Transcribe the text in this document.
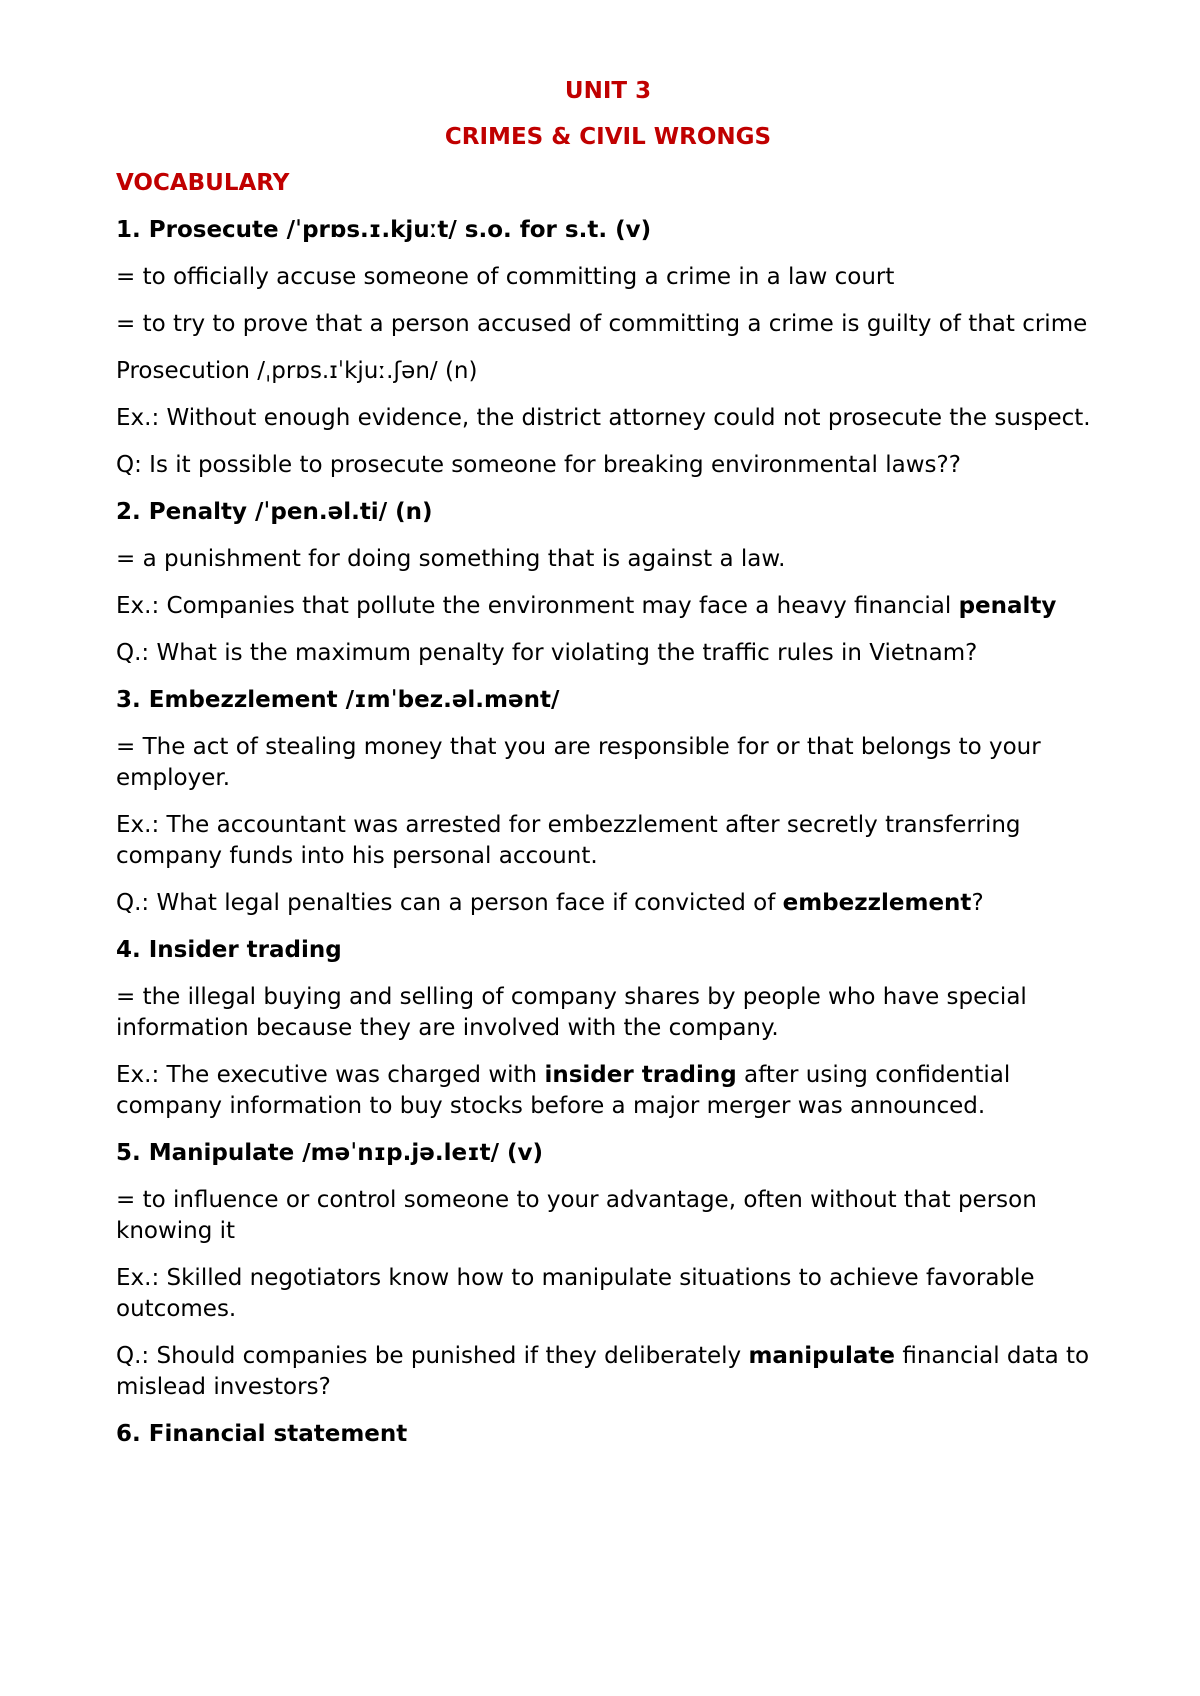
UNIT 3
CRIMES & CIVIL WRONGS
VOCABULARY
1. Prosecute /ˈprɒs.ɪ.kjuːt/ s.o. for s.t. (v)
= to officially accuse someone of committing a crime in a law court
= to try to prove that a person accused of committing a crime is guilty of that crime
Prosecution /ˌprɒs.ɪˈkjuː.ʃən/ (n)
Ex.: Without enough evidence, the district attorney could not prosecute the suspect.
Q: Is it possible to prosecute someone for breaking environmental laws??
2. Penalty /ˈpen.əl.ti/ (n)
= a punishment for doing something that is against a law.
Ex.: Companies that pollute the environment may face a heavy financial penalty
Q.: What is the maximum penalty for violating the traffic rules in Vietnam?
3. Embezzlement /ɪmˈbez.əl.mənt/
= The act of stealing money that you are responsible for or that belongs to your employer.
Ex.: The accountant was arrested for embezzlement after secretly transferring company funds into his personal account.
Q.: What legal penalties can a person face if convicted of embezzlement?
4. Insider trading
= the illegal buying and selling of company shares by people who have special information because they are involved with the company.
Ex.: The executive was charged with insider trading after using confidential company information to buy stocks before a major merger was announced.
5. Manipulate /məˈnɪp.jə.leɪt/ (v)
= to influence or control someone to your advantage, often without that person knowing it
Ex.: Skilled negotiators know how to manipulate situations to achieve favorable outcomes.
Q.: Should companies be punished if they deliberately manipulate financial data to mislead investors?
6. Financial statement
